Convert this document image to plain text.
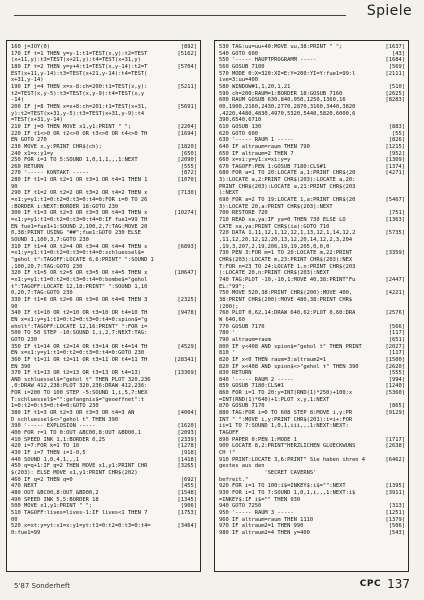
Spiele
160 j=JOY(0)	[892]
170 IF t=1 THEN y=y-1:t1=TEST(x,y):t2=TEST	[5162]
(x+11,y):t3=TEST(x+21,y):t4=TEST(x+31,y)
180 IF t=2 THEN y=y+4:t1=TEST(x,y-14):t2=T	[5704]
EST(x+11,y-14):t3=TEST(x+21,y-14):t4=TEST(
x+31,y-14)
190 IF j=4 THEN x=x-8:ch=200:t1=TEST(x,y):	[5211]
t2=TEST(x,y-5):t3=TEST(x,y-9):t4=TEST(x,y
-14)
200 IF j=8 THEN x=x+8:ch=201:t1=TEST(x+31,	[5691]
y):t2=TEST(x+31,y-5):t3=TEST(x+31,y-9):t4
=TEST(x+31,y-14)
210 IF j=0 THEN MOVE x1,y1:PRINT " ";	[2204]
220 IF t1<>0 OR t2<>0 OR t3<>0 OR t4<>0 TH	[1694]
EN GOTO 270
230 MOVE x,y:PRINT CHR$(ch);	[1820]
240 x1=x:y1=y	[650]
250 FOR i=1 TO 5:SOUND 1,0,1,1,,,1:NEXT	[2090]
260 RETURN	[555]
270 '----- KONTAKT -----	[872]
280 IF t1=1 OR t2=1 OR t3=1 OR t4=1 THEN 1	[1070]
90
290 IF t1=2 OR t2=2 OR t3=2 OR t4=2 THEN x	[7130]
=x1:y=y1:t1=0:t2=0:t3=0:t4=0:FOR i=0 TO 26
:BORDER i:NEXT:BORDER 18:GOTO 230
300 IF t1=3 OR t2=3 OR t3=3 OR t4=3 THEN x	[10274]
=x1:y=y1:t1=0:t2=0:t3=0:t4=0:IF fue1=99 TH
EN fue1=fue1+1:SOUND 2,100,2,7:TAG:MOVE 20
0,38:PRINT USING "##";fue1:GOTO 230 ELSE
SOUND 1,100,3,7:GOTO 230
310 IF t1=4 OR t2=4 OR t3=4 OR t4=4 THEN x	[6893]
=x1:y=y1:t1=0:t2=0:t3=0:t4=0:schluessel$=
"gehol t":TAGOFF:LOCATE 6,6:PRINT" ":SOUND 1
,100,20,7:TAG:GOTO 230
320 IF t1=5 OR t2=5 OR t3=5 OR t4=5 THEN x	[10647]
=x1:y=y1:t1=0:t2=0:t3=0:t4=0:bombe$="gehol
t":TAGOFF:LOCATE 12,18:PRINT" ":SOUND 1,10
0,20,7:TAG:GOTO 230
330 IF t1=6 OR t2=6 OR t3=6 OR t4=6 THEN 3	[2325]
90
340 IF t1=10 OR t2=10 OR t3=10 OR t4=10 TH	[9478]
EN x=x1:y=y1:t1=0:t2=0:t3=0:t4=0:spion$="g
eholt":TAGOFF:LOCATE 12,16:PRINT" ":FOR i=
500 TO 50 STEP -10:SOUND 1,i,2,7:NEXT:TAG:
GOTO 230
350 IF t1=14 OR t2=14 OR t3=14 OR t4=14 TH	[4529]
EN x=x1:y=y1:t1=0:t2=0:t3=0:t4=0:GOTO 230
360 IF t1=11 OR t2=11 OR t3=11 OR t4=11 TH	[28341]
EN 390
370 IF t1=13 OR t2=13 OR t3=13 OR t4=13)	[13369]
AND schluessel$="gehol t" THEN PLOT 320,236
,0:DRAW 412,238:PLOT 320,236:DRAW 412,236:
FOR i=200 TO 100 STEP -5:SOUND 1,i,5,7:NEX
T:schluessel$="":gefangnis$="geoeffnet":t
1=0:t2=0:t3=0:t4=0:GOTO 230
380 IF t1=3 OR t2=3 OR t3=3 OR t4=3 AN	[4004]
D schluessel$<>"gehol t" THEN 390
390 '----- EXPLOSION -----	[1620]
400 FOR r=1 TO 0:OUT &BC00,8:OUT &BD00,1	[2093]
410 SPEED INK 1,1:BORDER 0,25	[2339]
420 i=7:FOR k=1 TO 10	[1278]
430 IF i=7 THEN i=1-0,5	[918]
440 SOUND 1,0,4,1,,,1	[1418]
450 q=q+1:IF q=2 THEN MOVE x1,y1:PRINT CHR	[3265]
$(203): ELSE MOVE x1,y1:PRINT CHR$(202)
460 IF q=2 THEN q=0	[692]
470 NEXT	[455]
480 OUT &BC00,8:OUT &BD00,2	[1548]
490 SPEED INK 5,5:BORDER 18	[1345]
500 MOVE x1,y1:PRINT " ";	[906]
510 TAGOFF:lives=lives-1:IF lives<1 THEN 7	[1753]
00
520 x=xt:y=yt:x1=x:y1=yt:t1=0:t2=0:t3=0:t4=	[3464]
0:fue1=99
530 TAG:uu=uu+40:MOVE uu,38:PRINT " ";	[1637]
540 GOTO 600	[43]
550 '----- HAUPTPROGRAMM -----	[1684]
560 GOSUB 7100	[569]
570 MODE 0:X=320:XI=E:Y=200:YI=Y:fue1=99:l	[2111]
ive=3:uu=400
580 WINDOW#1,1,20,1,21	[510]
590 ch=200:RAUM=1:BORDER 18:GOSUB 7160	[2625]
600 RAUM GOSUB 630,840,950,1250,1360,16	[8283]
00,1900,2160,2430,2770,2870,3160,3440,3820
,4220,4480,4830,4970,5320,5440,5820,6000,6
390,6540,6710
610 GOSUB 130	[883]
620 GOTO 600	[55]
630 '----- RAUM 1 -----	[826]
640 IF altraum=raum THEN 790	[1215]
650 IF altraum=2 THEN 7	[952]
660 x=xi:y=y1:x=xi:y=y	[1309]
670 TAGOFF:PEN 1:GOSUB 7180:CLS#1	[1374]
680 FOR a=1 TO 20:LOCATE a,1:PRINT CHR$(20	[4271]
3):LOCATE a,2:PRINT CHR$(203):LOCATE a,20:
PRINT CHR$(203):LOCATE a,21:PRINT CHR$(203
):NEXT
690 FOR a=2 TO 19:LOCATE 1,a:PRINT CHR$(20	[5467]
3):LOCATE 20,a:PRINT CHR$(203):NEXT
700 RESTORE 720	[751]
710 READ xa,ya:IF ya=0 THEN 730 ELSE LO	[1363]
CATE xa,ya:PRINT CHR$(ia):GOTO 710
720 DATA 1,11,12,1,12,12,1,13,12,1,14,12,2	[5735]
,11,12,20,12,12,20,13,12,20,14,12,2,3,204
,19,3,207,2,19,206,19,19,205,0,0,0
730 PEN 3:FOR m=1 TO 20:LOCATE m,22:PRINT	[3359]
CHR$(203):LOCATE m,23:PRINT CHR$(203):NEX
T:FOR n=23 TO 24:LOCATE 1,n:PRINT CHR$(203
):LOCATE 20,n:PRINT CHR$(203):NEXT
740 TAG:PLOT -10,-10,1:MOVE 40,38:PRINT"Fu	[2447]
EL:"99";
750 MOVE 520,38:PRINT CHR$(200):MOVE 400,	[4221]
38:PRINT CHR$(200):MOVE 480,38:PRINT CHR$
(200);
760 PLOT 0,62,14:DRAW 640,62:PLOT 0,60:DRA	[2576]
W 640,60
770 GOSUB 7170	[566]
780 '	[117]
790 altraum=raum	[651]
800 IF y<408 AND spion$="gehol t" THEN PRINT	[2027]
810 '	[117]
820 IF x<0 THEN raum=3:altraum2=1	[1500]
820 IF x<408 AND spion$<>"gehol t" THEN 390	[2620]
830 RETURN	[555]
840 '----- RAUM 2 -----	[994]
850 GOSUB 7180:CLS#1	[1240]
860 FOR i=1 TO 20:y=INT(RND(1)*250)+100:x	[5360]
=INT(RND(1)*640)+1:PLOT x,y,1:NEXT
870 GOSUB 7170	[865]
880 TAG:FOR i=0 TO 608 STEP 8:MOVE i,y:PR	[9129]
INT " ":MOVE i,y:PRINT CHR$(201):i=i+:FOR
ii=1 TO 7:SOUND 1,0,1,iii,,,1:NEXT:NEXT:
TAGOFF
890 PAPER 0:PEN 1:MODE 1	[1717]
900 LOCATE 8,2:PRINT"HERZLICHEN GLUECKWUNS	[2638]
CH !"
910 PRINT:LOCATE 3,6:PRINT" Sie haben ihren 4	[6462]
gestes aus den
'SECRET CAVERNS'
befreit."
920 FOR i=1 TO 100:i$=INKEY$:i$="":NEXT	[1395]
930 FOR i=1 TO 7:SOUND 1,0,1,i,,,1:NEXT:i$	[3911]
=INKEY$:IF i$="" THEN 930
940 GOTO 7250	[313]
950 '----- RAUM 3 -----	[1251]
960 IF altraum=raum THEN 1110	[1379]
970 IF altraum2=1 THEN 990	[506]
980 IF altraum2=4 THEN y=400	[543]
5'87 Sonderheft	CPC 137
